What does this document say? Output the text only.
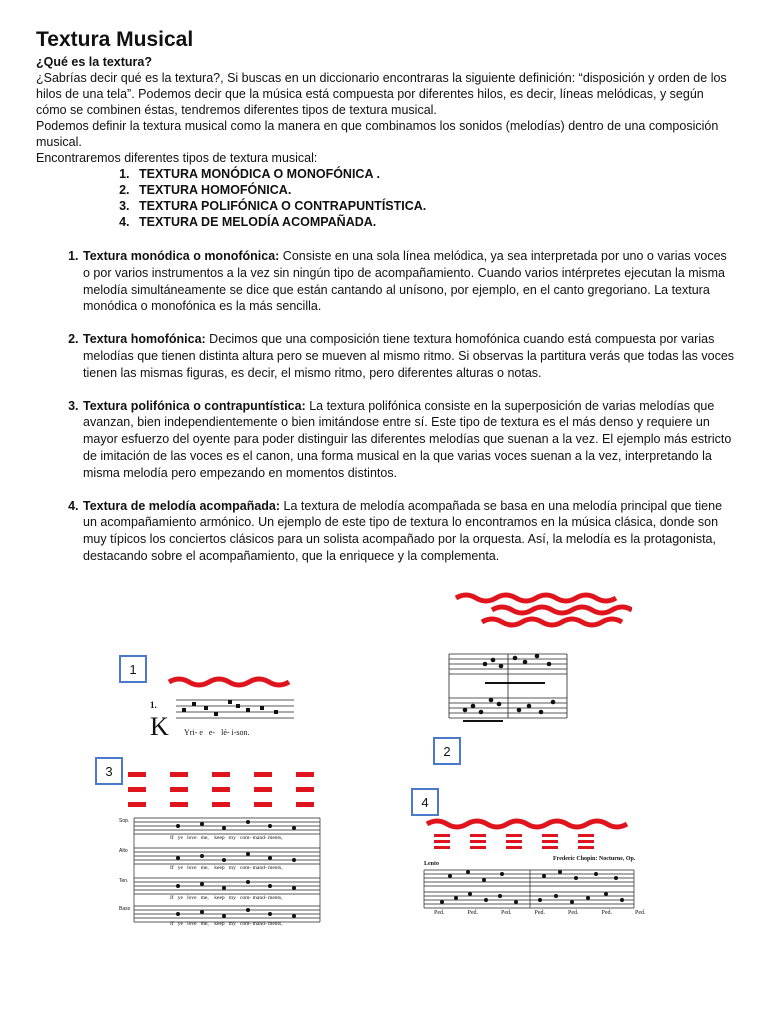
Textura Musical
¿Qué es la textura?

¿Sabrías decir qué es la textura?, Si buscas en un diccionario encontraras la siguiente definición: “disposición y orden de los hilos de una tela”. Podemos decir que la música está compuesta por diferentes hilos, es decir, líneas melódicas, y según cómo se combinen éstas, tendremos diferentes tipos de textura musical.

Podemos definir la textura musical como la manera en que combinamos los sonidos (melodías) dentro de una composición musical.

Encontraremos diferentes tipos de textura musical:

1. TEXTURA MONÓDICA O MONOFÓNICA .
2. TEXTURA HOMOFÓNICA.
3. TEXTURA POLIFÓNICA O CONTRAPUNTÍSTICA.
4. TEXTURA DE MELODÍA ACOMPAÑADA.
1. Textura monódica o monofónica: Consiste en una sola línea melódica, ya sea interpretada por uno o varias voces o por varios instrumentos a la vez sin ningún tipo de acompañamiento. Cuando varios intérpretes ejecutan la misma melodía simultáneamente se dice que están cantando al unísono, por ejemplo, en el canto gregoriano. La textura monódica o monofónica es la más sencilla.
2. Textura homofónica: Decimos que una composición tiene textura homofónica cuando está compuesta por varias melodías que tienen distinta altura pero se mueven al mismo ritmo. Si observas la partitura verás que todas las voces tienen las mismas figuras, es decir, el mismo ritmo, pero diferentes alturas o notas.
3. Textura polifónica o contrapuntística: La textura polifónica consiste en la superposición de varias melodías que avanzan, bien independientemente o bien imitándose entre sí. Este tipo de textura es el más denso y requiere un mayor esfuerzo del oyente para poder distinguir las diferentes melodías que suenan a la vez. El ejemplo más estricto de imitación de las voces es el canon, una forma musical en la que varias voces suenan a la vez, interpretando la misma melodía pero empezando en momentos distintos.
4. Textura de melodía acompañada: La textura de melodía acompañada se basa en una melodía principal que tiene un acompañamiento armónico. Un ejemplo de este tipo de textura lo encontramos en la música clásica, donde son muy típicos los conciertos clásicos para un solista acompañado por la orquesta. Así, la melodía es la protagonista, destacando sobre el acompañamiento, que la enriquece y la complementa.
1
1.
K Yri- e   e-   lé- i-son.
2
3
Sop.
Alto
Ten.
Bass
If   ye   love   me,    keep   my   com- mand- ments,
If   ye   love   me,    keep   my   com- mand- ments,
If   ye   love   me,    keep   my   com- mand- ments,
If   ye   love   me,    keep   my   com- mand- ments,
4
Frederic Chopin: Nocturne, Op.
Lento
Ped.  Ped.  Ped.  Ped.  Ped.  Ped.  Ped.
